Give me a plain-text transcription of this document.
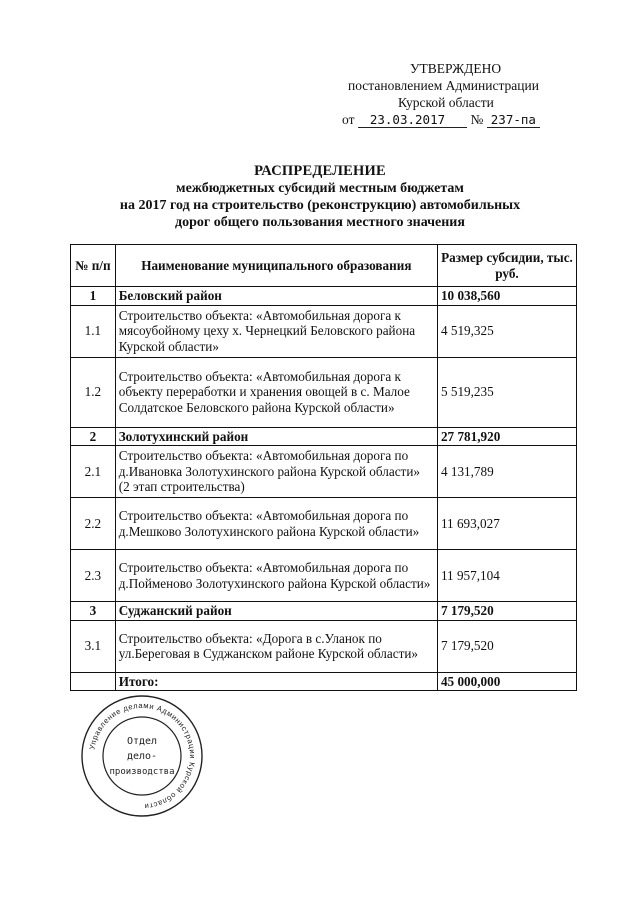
УТВЕРЖДЕНО
постановлением Администрации
Курской области
от 23.03.2017 № 237-па
РАСПРЕДЕЛЕНИЕ
межбюджетных субсидий местным бюджетам
на 2017 год на строительство (реконструкцию) автомобильных
дорог общего пользования местного значения
№ п/п	Наименование муниципального образования	Размер субсидии, тыс. руб.
1	Беловский район	10 038,560
1.1	Строительство объекта: «Автомобильная дорога к мясоубойному цеху х. Чернецкий Беловского района Курской области»	4 519,325
1.2	Строительство объекта: «Автомобильная дорога к объекту переработки и хранения овощей в с. Малое Солдатское Беловского района Курской области»	5 519,235
2	Золотухинский район	27 781,920
2.1	Строительство объекта: «Автомобильная дорога по д.Ивановка Золотухинского района Курской области» (2 этап строительства)	4 131,789
2.2	Строительство объекта: «Автомобильная дорога по д.Мешково Золотухинского района Курской области»	11 693,027
2.3	Строительство объекта: «Автомобильная дорога по д.Пойменово Золотухинского района Курской области»	11 957,104
3	Суджанский район	7 179,520
3.1	Строительство объекта: «Дорога в с.Уланок по ул.Береговая в Суджанском районе Курской области»	7 179,520
	Итого:	45 000,000
Управление делами Администрации Курской области
Отдел
дело-
производства
